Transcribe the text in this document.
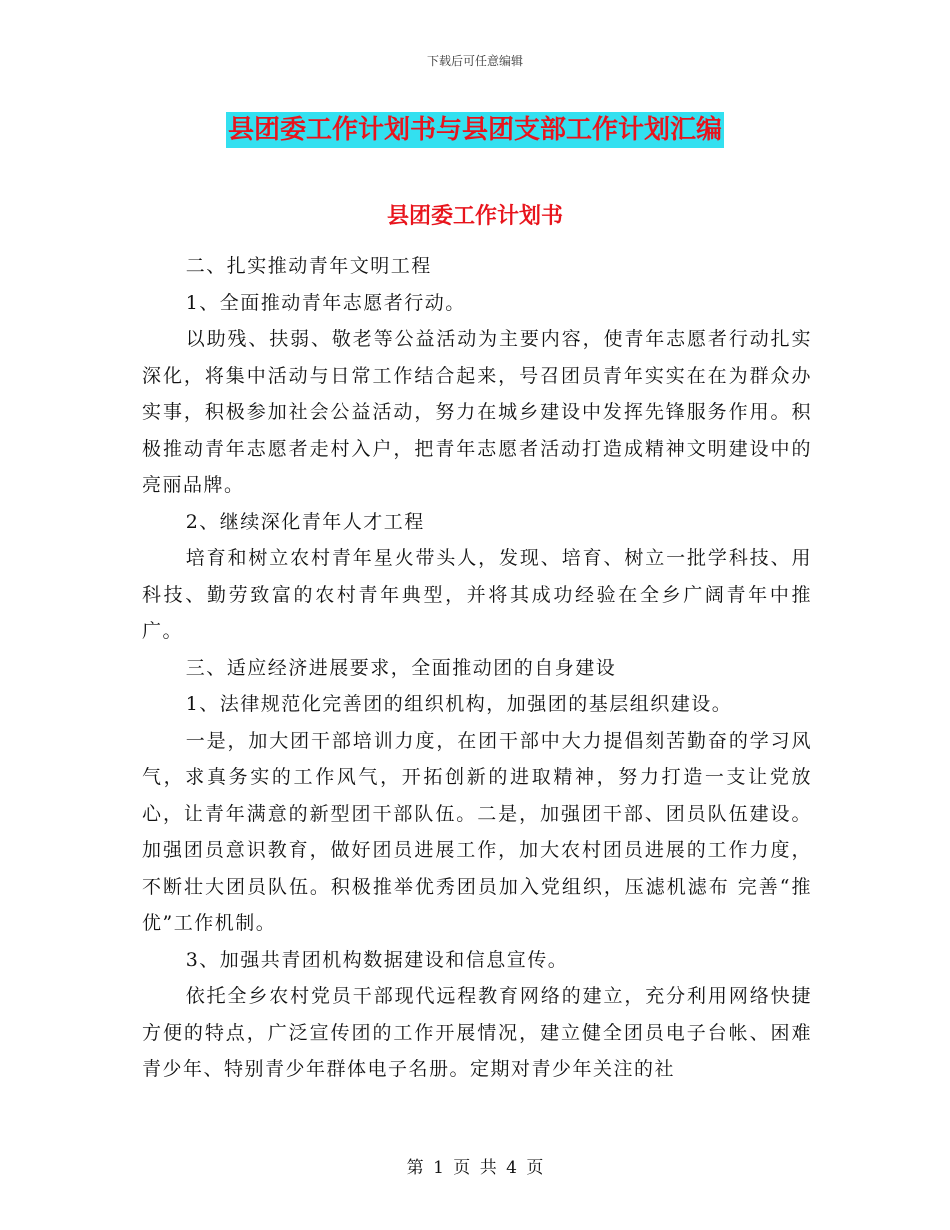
下载后可任意编辑
县团委工作计划书与县团支部工作计划汇编
县团委工作计划书

二、扎实推动青年文明工程

1、全面推动青年志愿者行动。

以助残、扶弱、敬老等公益活动为主要内容，使青年志愿者行动扎实深化，将集中活动与日常工作结合起来，号召团员青年实实在在为群众办实事，积极参加社会公益活动，努力在城乡建设中发挥先锋服务作用。积极推动青年志愿者走村入户，把青年志愿者活动打造成精神文明建设中的亮丽品牌。

2、继续深化青年人才工程

培育和树立农村青年星火带头人，发现、培育、树立一批学科技、用科技、勤劳致富的农村青年典型，并将其成功经验在全乡广阔青年中推广。

三、适应经济进展要求，全面推动团的自身建设

1、法律规范化完善团的组织机构，加强团的基层组织建设。

一是，加大团干部培训力度，在团干部中大力提倡刻苦勤奋的学习风气，求真务实的工作风气，开拓创新的进取精神，努力打造一支让党放心，让青年满意的新型团干部队伍。二是，加强团干部、团员队伍建设。加强团员意识教育，做好团员进展工作，加大农村团员进展的工作力度，不断壮大团员队伍。积极推举优秀团员加入党组织，压滤机滤布 完善“推优”工作机制。

3、加强共青团机构数据建设和信息宣传。

依托全乡农村党员干部现代远程教育网络的建立，充分利用网络快捷方便的特点，广泛宣传团的工作开展情况，建立健全团员电子台帐、困难青少年、特别青少年群体电子名册。定期对青少年关注的社

第 1 页 共 4 页
